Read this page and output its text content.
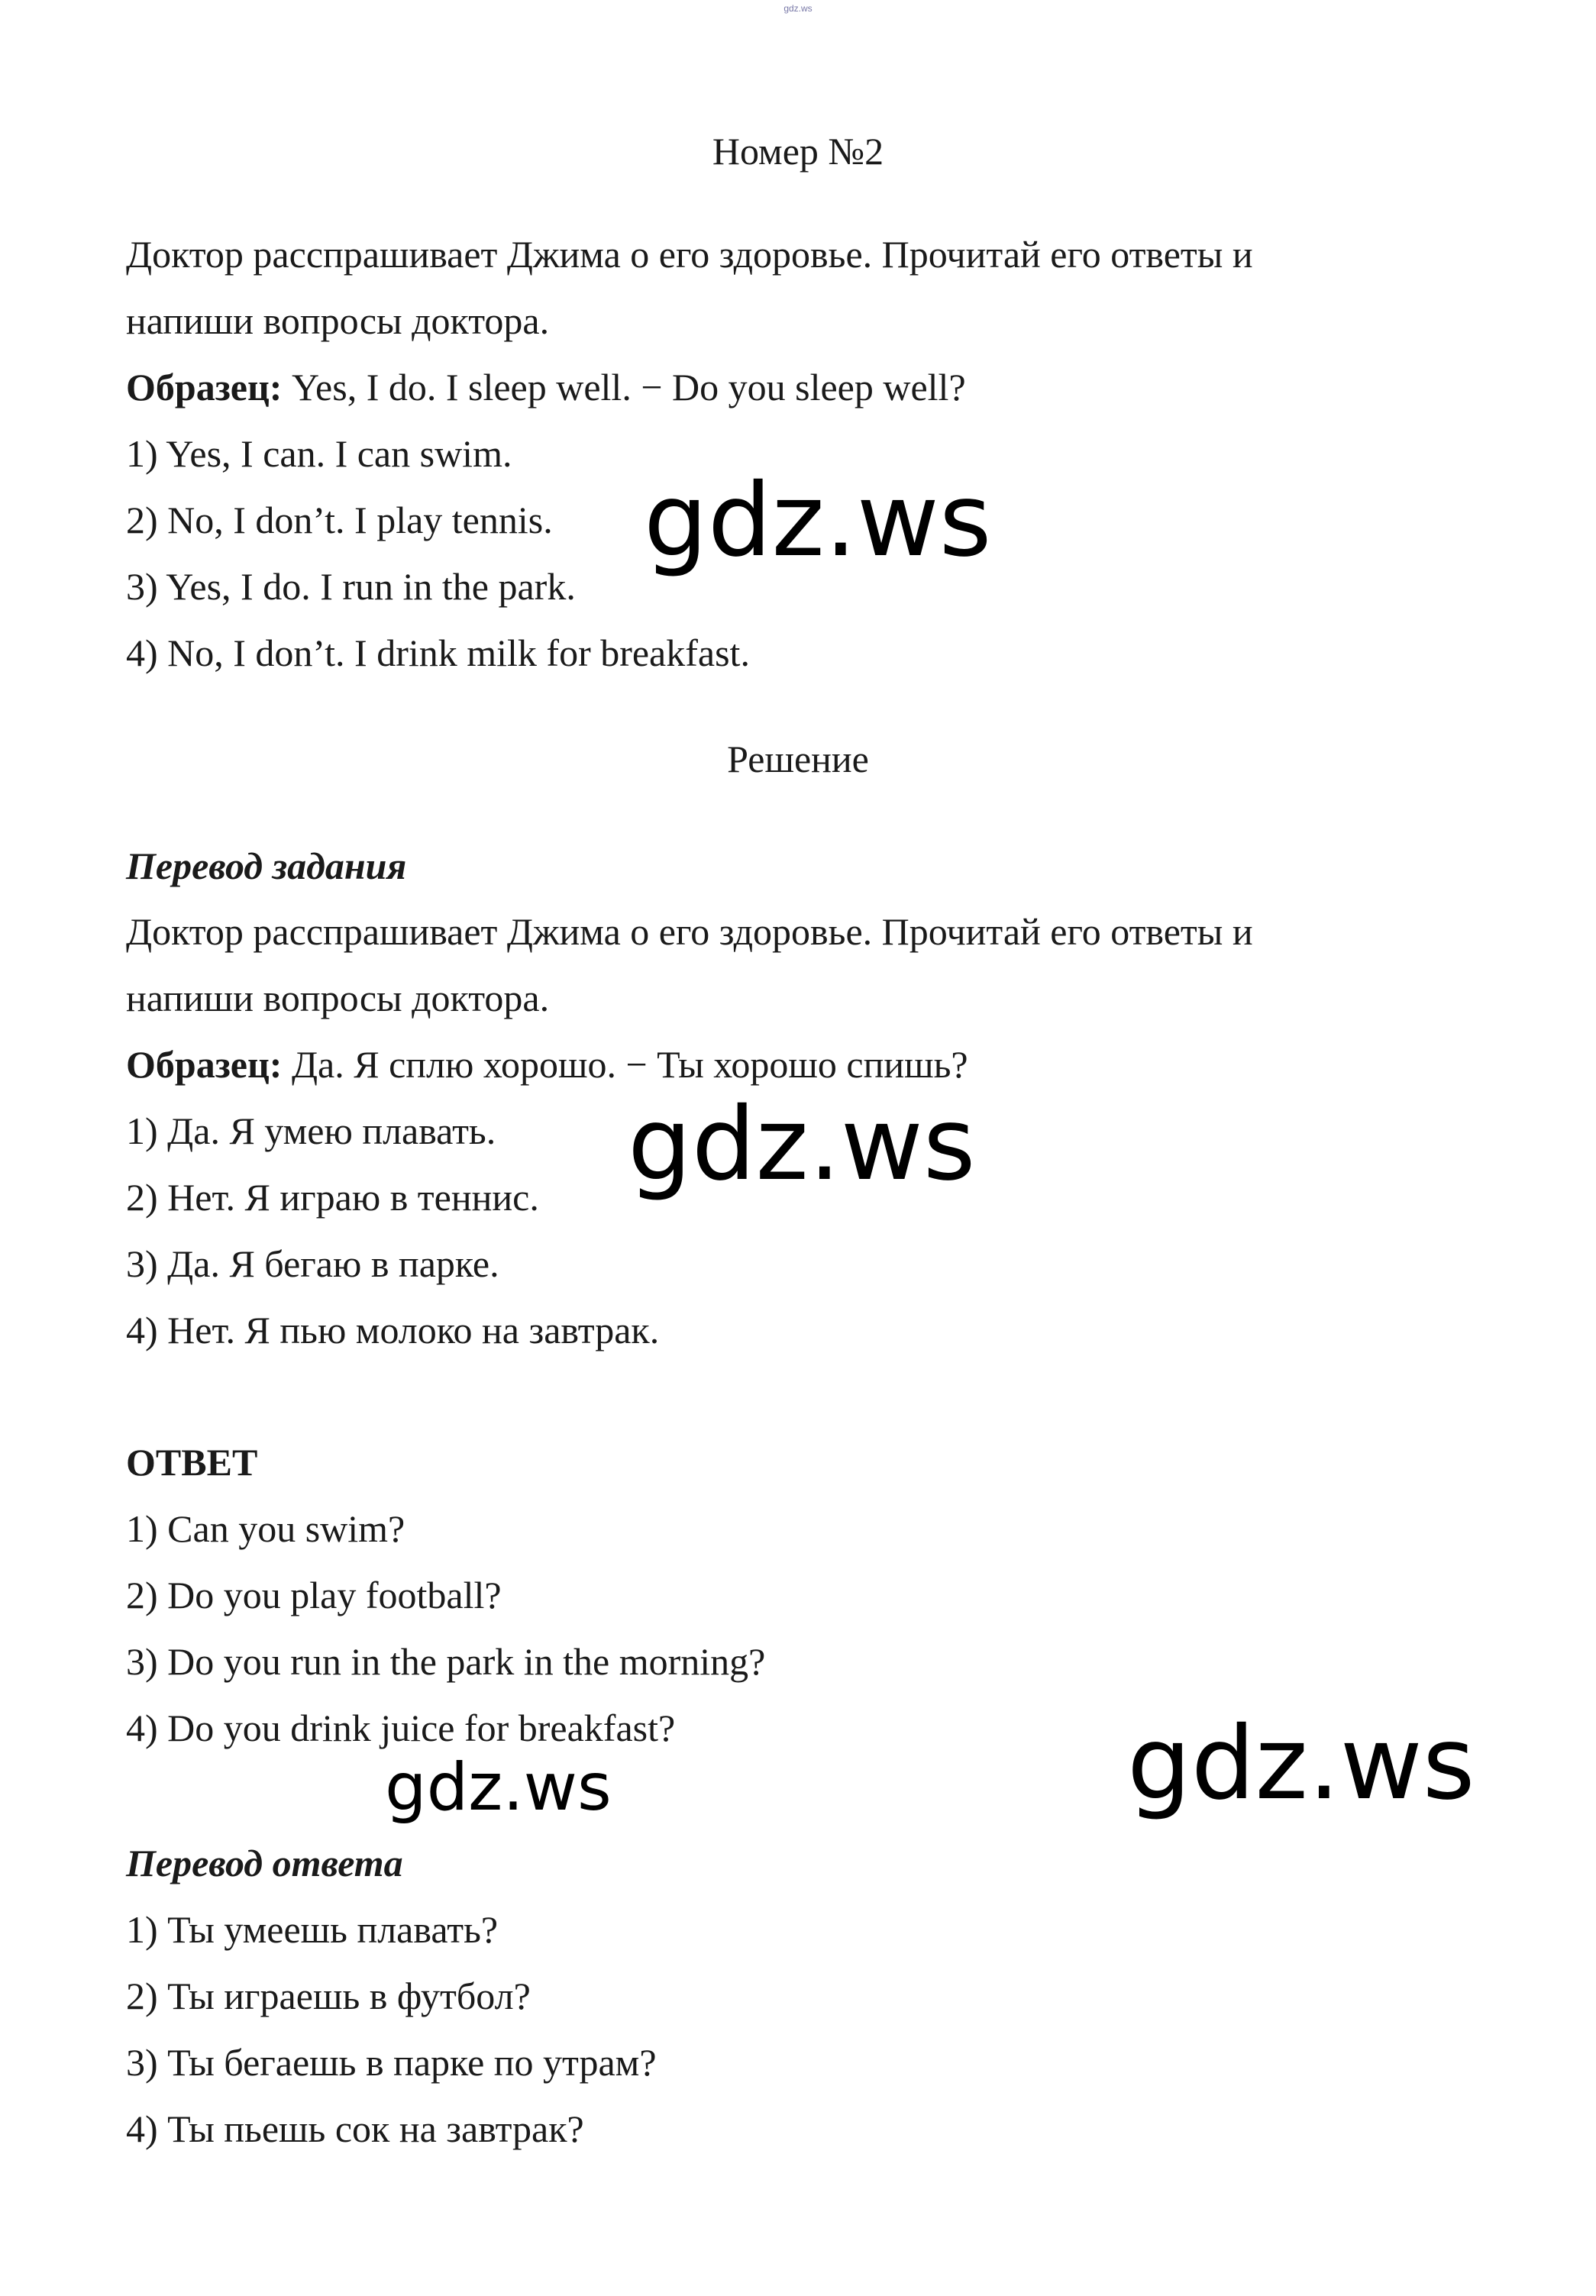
gdz.ws
Номер №2
Доктор расспрашивает Джима о его здоровье. Прочитай его ответы и
напиши вопросы доктора.
Образец: Yes, I do. I sleep well. − Do you sleep well?
1) Yes, I can. I can swim.
2) No, I don’t. I play tennis.
3) Yes, I do. I run in the park.
4) No, I don’t. I drink milk for breakfast.
Решение
Перевод задания
Доктор расспрашивает Джима о его здоровье. Прочитай его ответы и
напиши вопросы доктора.
Образец: Да. Я сплю хорошо. − Ты хорошо спишь?
1) Да. Я умею плавать.
2) Нет. Я играю в теннис.
3) Да. Я бегаю в парке.
4) Нет. Я пью молоко на завтрак.
ОТВЕТ
1) Can you swim?
2) Do you play football?
3) Do you run in the park in the morning?
4) Do you drink juice for breakfast?
Перевод ответа
1) Ты умеешь плавать?
2) Ты играешь в футбол?
3) Ты бегаешь в парке по утрам?
4) Ты пьешь сок на завтрак?
gdz.ws
gdz.ws
gdz.ws
gdz.ws
